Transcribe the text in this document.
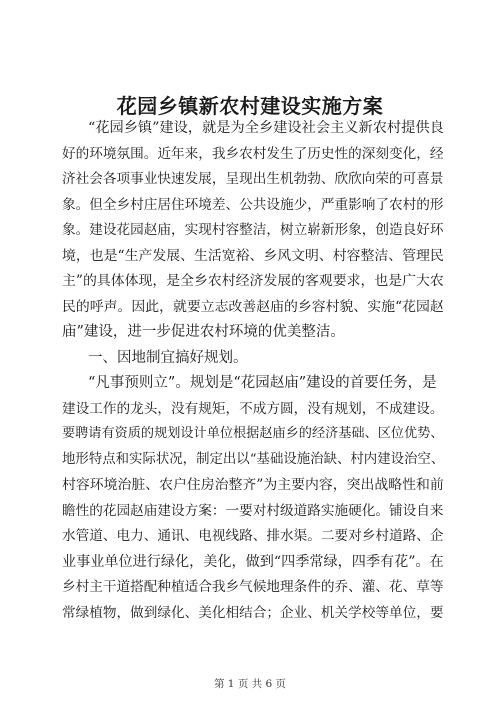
花园乡镇新农村建设实施方案

“花园乡镇”建设，就是为全乡建设社会主义新农村提供良

好的环境氛围。近年来，我乡农村发生了历史性的深刻变化，经

济社会各项事业快速发展，呈现出生机勃勃、欣欣向荣的可喜景

象。但全乡村庄居住环境差、公共设施少，严重影响了农村的形

象。建设花园赵庙，实现村容整洁，树立崭新形象，创造良好环

境，也是“生产发展、生活宽裕、乡风文明、村容整洁、管理民

主”的具体体现，是全乡农村经济发展的客观要求，也是广大农

民的呼声。因此，就要立志改善赵庙的乡容村貌、实施“花园赵

庙”建设，进一步促进农村环境的优美整洁。

一、因地制宜搞好规划。

“凡事预则立”。规划是“花园赵庙”建设的首要任务，是

建设工作的龙头，没有规矩，不成方圆，没有规划，不成建设。

要聘请有资质的规划设计单位根据赵庙乡的经济基础、区位优势、

地形特点和实际状况，制定出以“基础设施治缺、村内建设治空、

村容环境治脏、农户住房治整齐”为主要内容，突出战略性和前

瞻性的花园赵庙建设方案：一要对村级道路实施硬化。铺设自来

水管道、电力、通讯、电视线路、排水渠。二要对乡村道路、企

业事业单位进行绿化，美化，做到“四季常绿，四季有花”。在

乡村主干道搭配种植适合我乡气候地理条件的乔、灌、花、草等

常绿植物，做到绿化、美化相结合；企业、机关学校等单位，要

第 1 页 共 6 页
